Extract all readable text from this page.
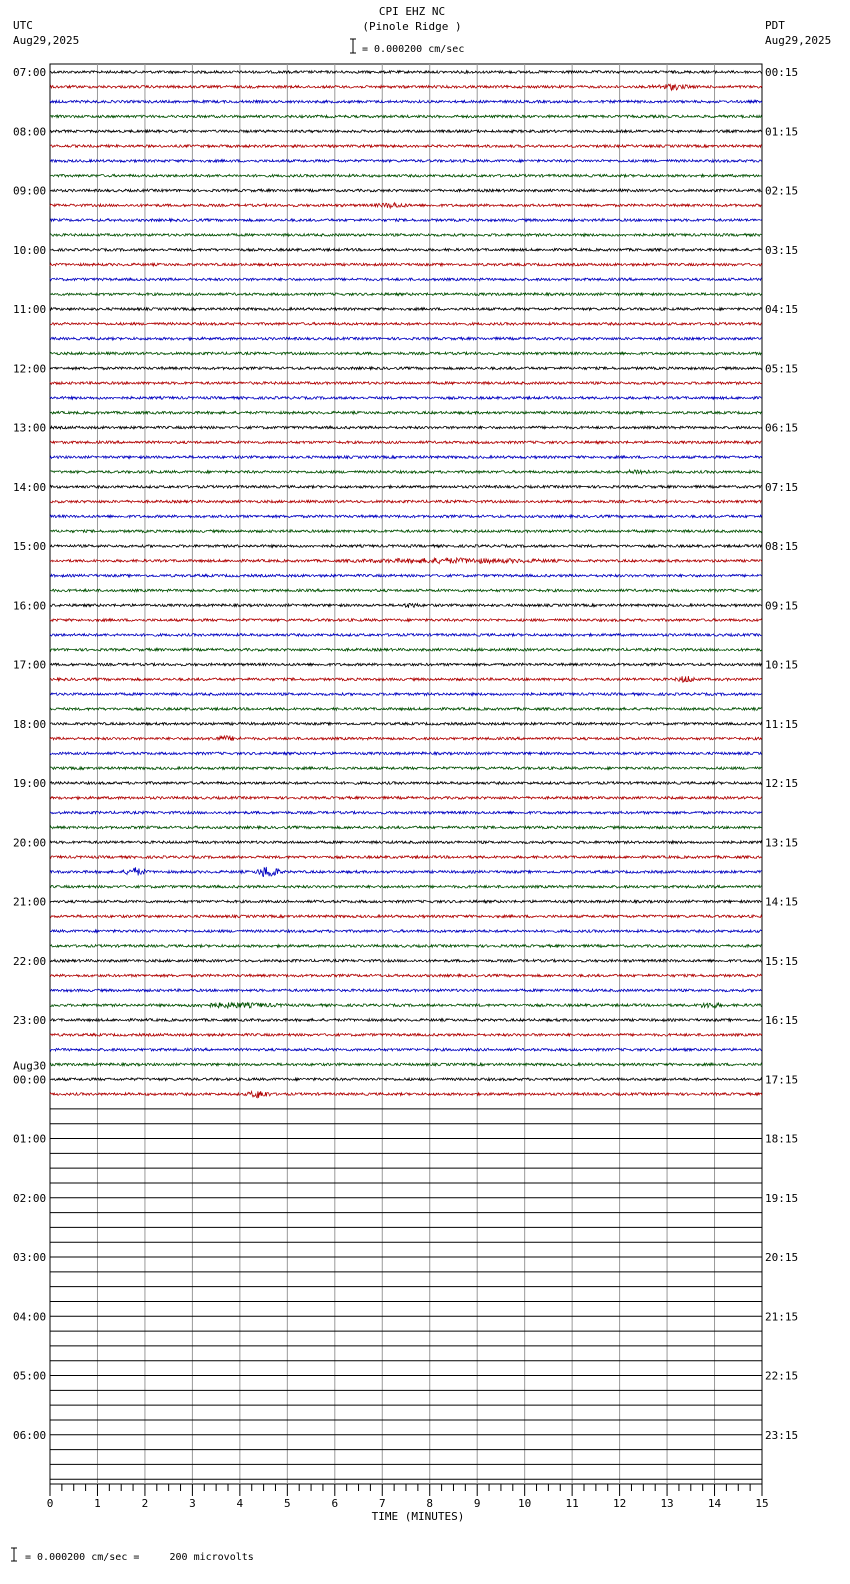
CPI EHZ NC
(Pinole Ridge )
= 0.000200 cm/sec
UTC
Aug29,2025
PDT
Aug29,2025
07:00	00:15
08:00	01:15
09:00	02:15
10:00	03:15
11:00	04:15
12:00	05:15
13:00	06:15
14:00	07:15
15:00	08:15
16:00	09:15
17:00	10:15
18:00	11:15
19:00	12:15
20:00	13:15
21:00	14:15
22:00	15:15
23:00	16:15
00:00	17:15
01:00	18:15
02:00	19:15
03:00	20:15
04:00	21:15
05:00	22:15
06:00	23:15
Aug30
0	1	2	3	4	5	6	7	8	9	10	11	12	13	14	15
TIME (MINUTES)
= 0.000200 cm/sec =     200 microvolts
